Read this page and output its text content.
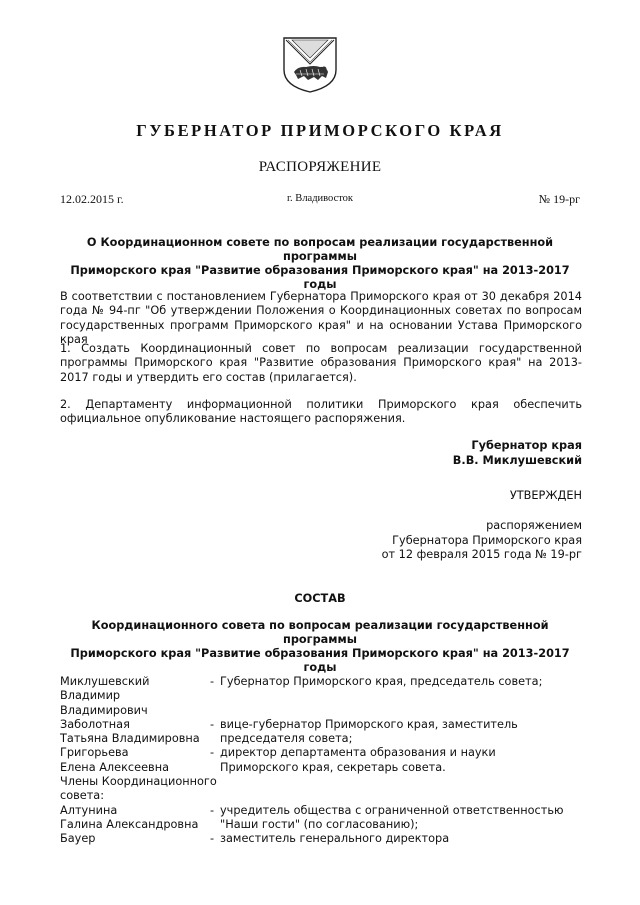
ГУБЕРНАТОР ПРИМОРСКОГО КРАЯ
РАСПОРЯЖЕНИЕ
12.02.2015 г.	г. Владивосток	№ 19-рг
О Координационном совете по вопросам реализации государственной программы
Приморского края "Развитие образования Приморского края" на 2013-2017 годы
В соответствии с постановлением Губернатора Приморского края от 30 декабря 2014 года № 94-пг "Об утверждении Положения о Координационных советах по вопросам государственных программ Приморского края" и на основании Устава Приморского края
1. Создать Координационный совет по вопросам реализации государственной программы Приморского края "Развитие образования Приморского края" на 2013-2017 годы и утвердить его состав (прилагается).
2. Департаменту информационной политики Приморского края обеспечить официальное опубликование настоящего распоряжения.
Губернатор края
В.В. Миклушевский
УТВЕРЖДЕН
распоряжением
Губернатора Приморского края
от 12 февраля 2015 года № 19-рг
СОСТАВ
Координационного совета по вопросам реализации государственной программы
Приморского края "Развитие образования Приморского края" на 2013-2017 годы
Миклушевский	- Губернатор Приморского края, председатель совета;
Владимир Владимирович
Заболотная	- вице-губернатор Приморского края, заместитель
Татьяна Владимировна	председателя совета;
Григорьева	- директор департамента образования и науки
Елена Алексеевна	Приморского края, секретарь совета.
Члены Координационного
совета:
Алтунина	- учредитель общества с ограниченной ответственностью
Галина Александровна	"Наши гости" (по согласованию);
Бауер	- заместитель генерального директора
